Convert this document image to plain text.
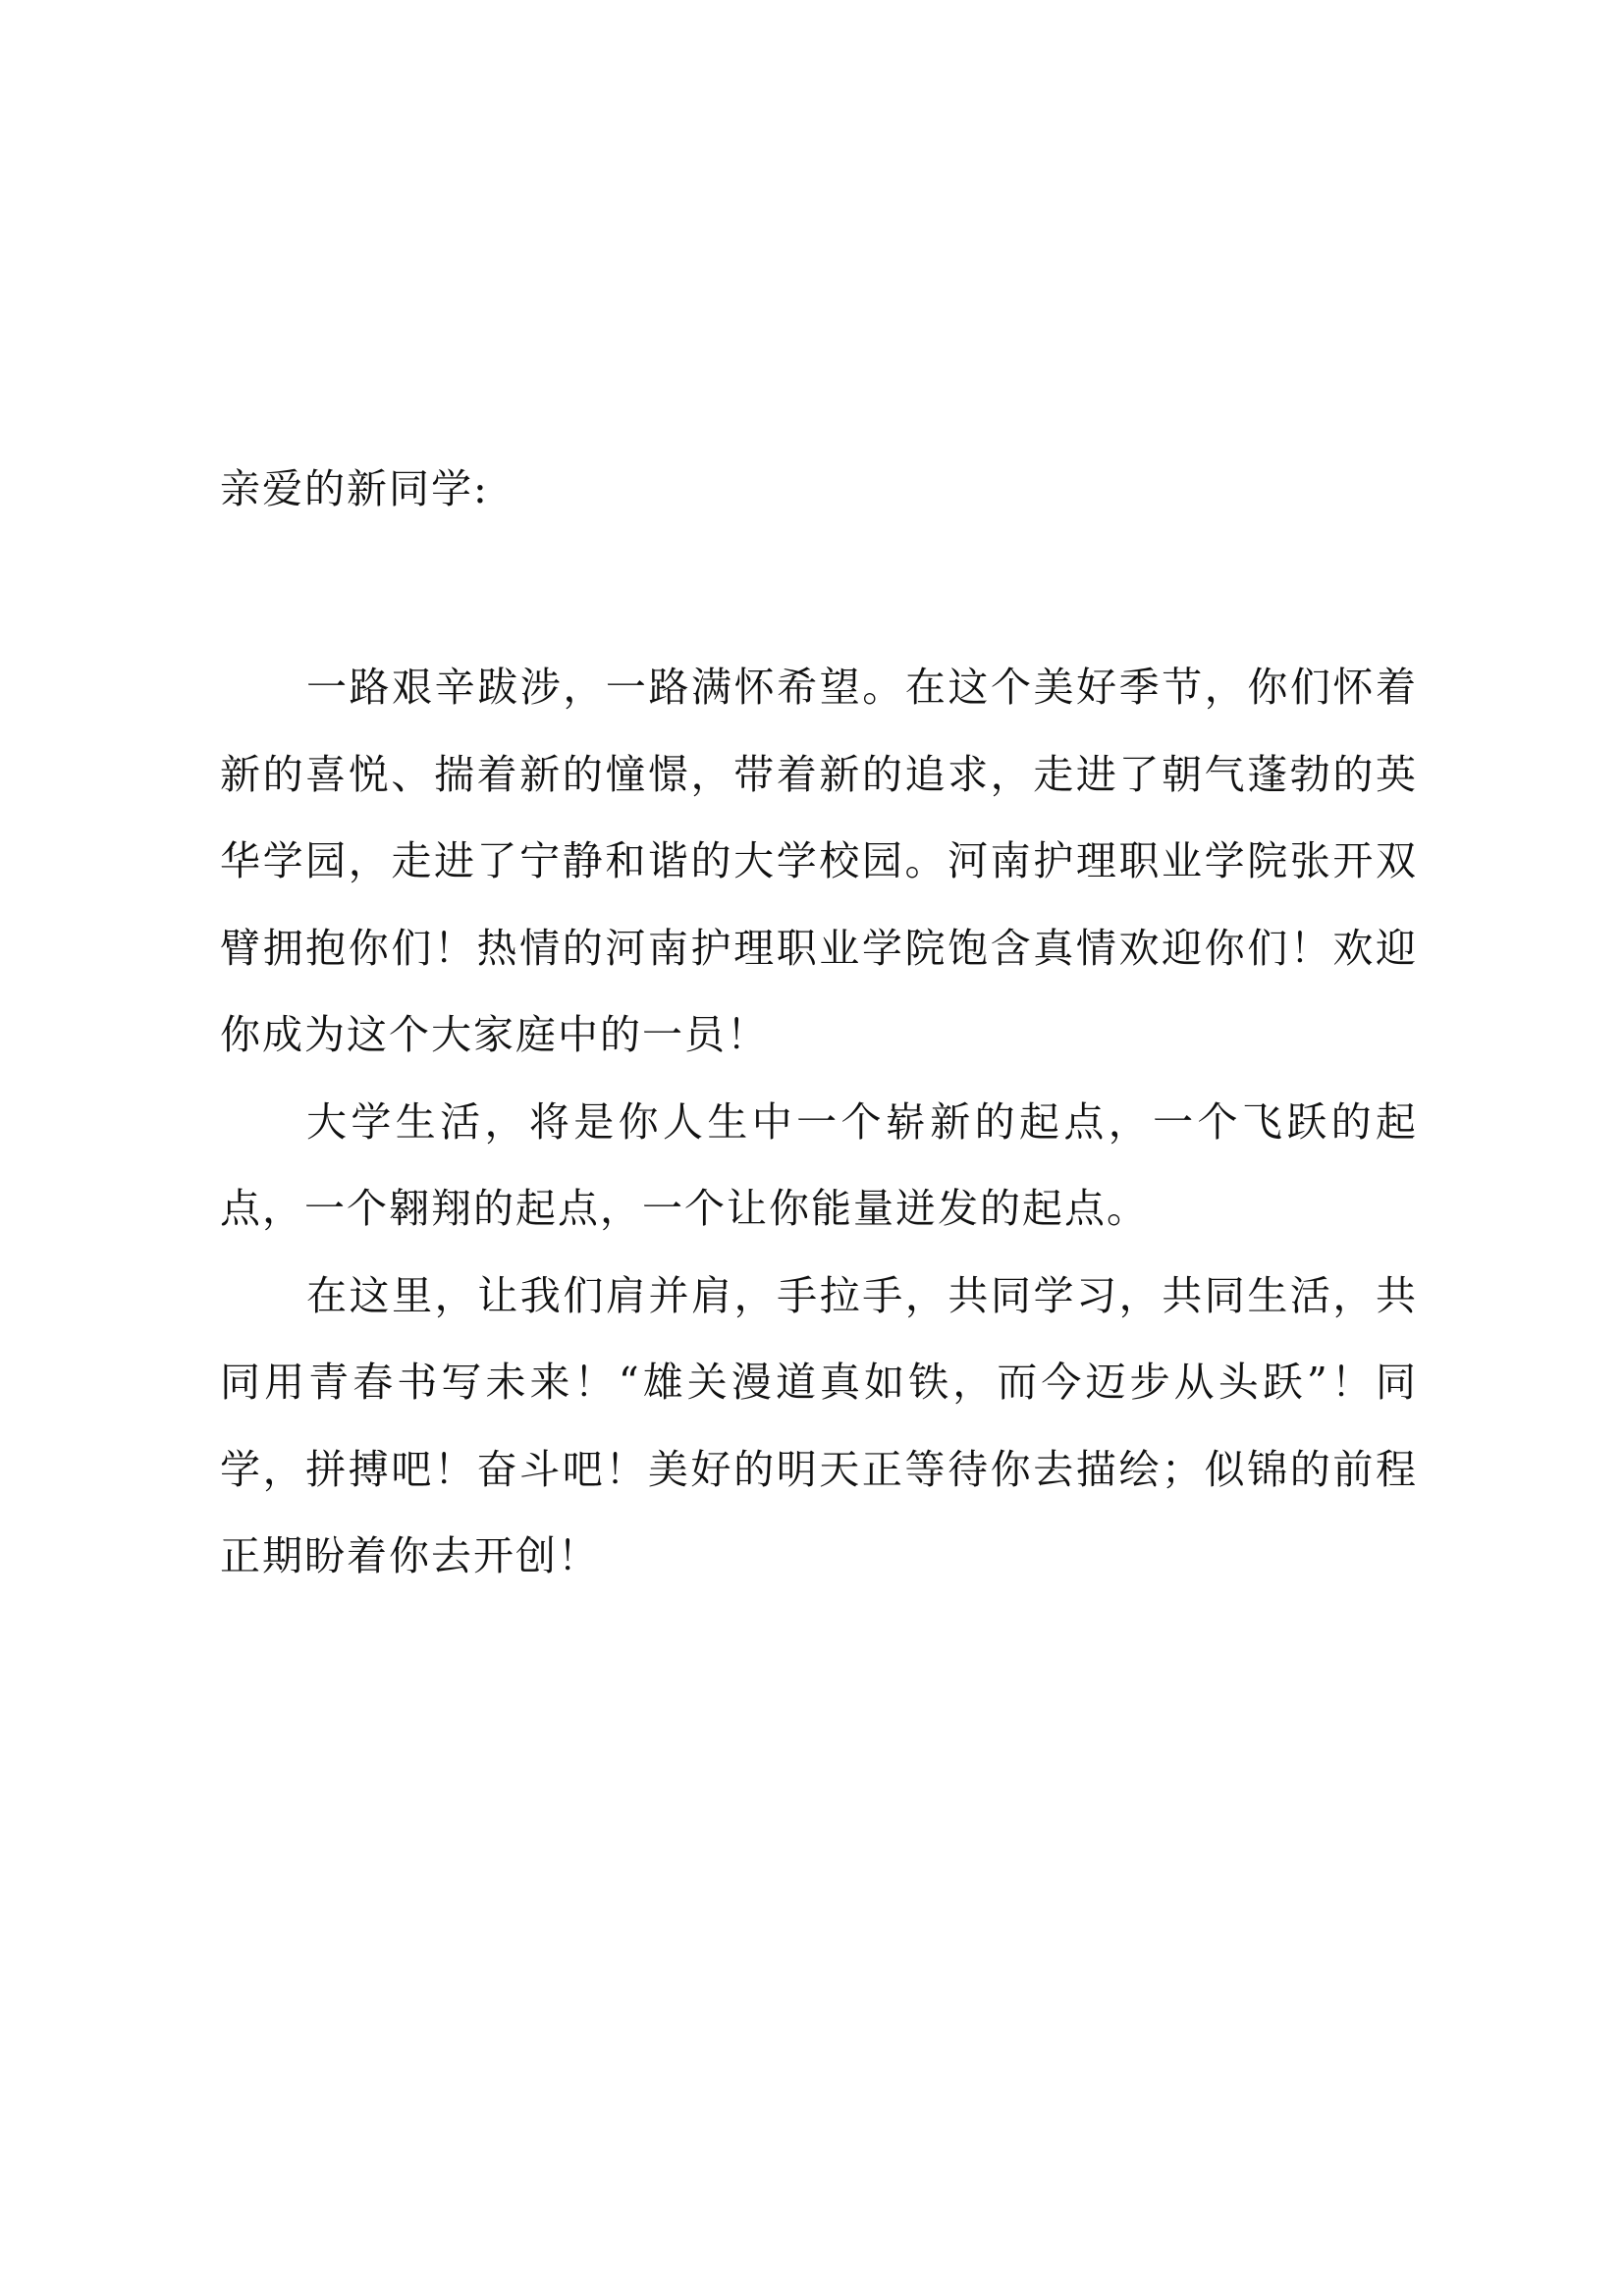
亲爱的新同学:

一路艰辛跋涉，一路满怀希望。在这个美好季节，你们怀着新的喜悦、揣着新的憧憬，带着新的追求，走进了朝气蓬勃的英华学园，走进了宁静和谐的大学校园。河南护理职业学院张开双臂拥抱你们！热情的河南护理职业学院饱含真情欢迎你们！欢迎你成为这个大家庭中的一员！

大学生活，将是你人生中一个崭新的起点，一个飞跃的起点，一个翱翔的起点，一个让你能量迸发的起点。

在这里，让我们肩并肩，手拉手，共同学习，共同生活，共同用青春书写未来！“雄关漫道真如铁，而今迈步从头跃”！同学，拼搏吧！奋斗吧！美好的明天正等待你去描绘；似锦的前程正期盼着你去开创！
